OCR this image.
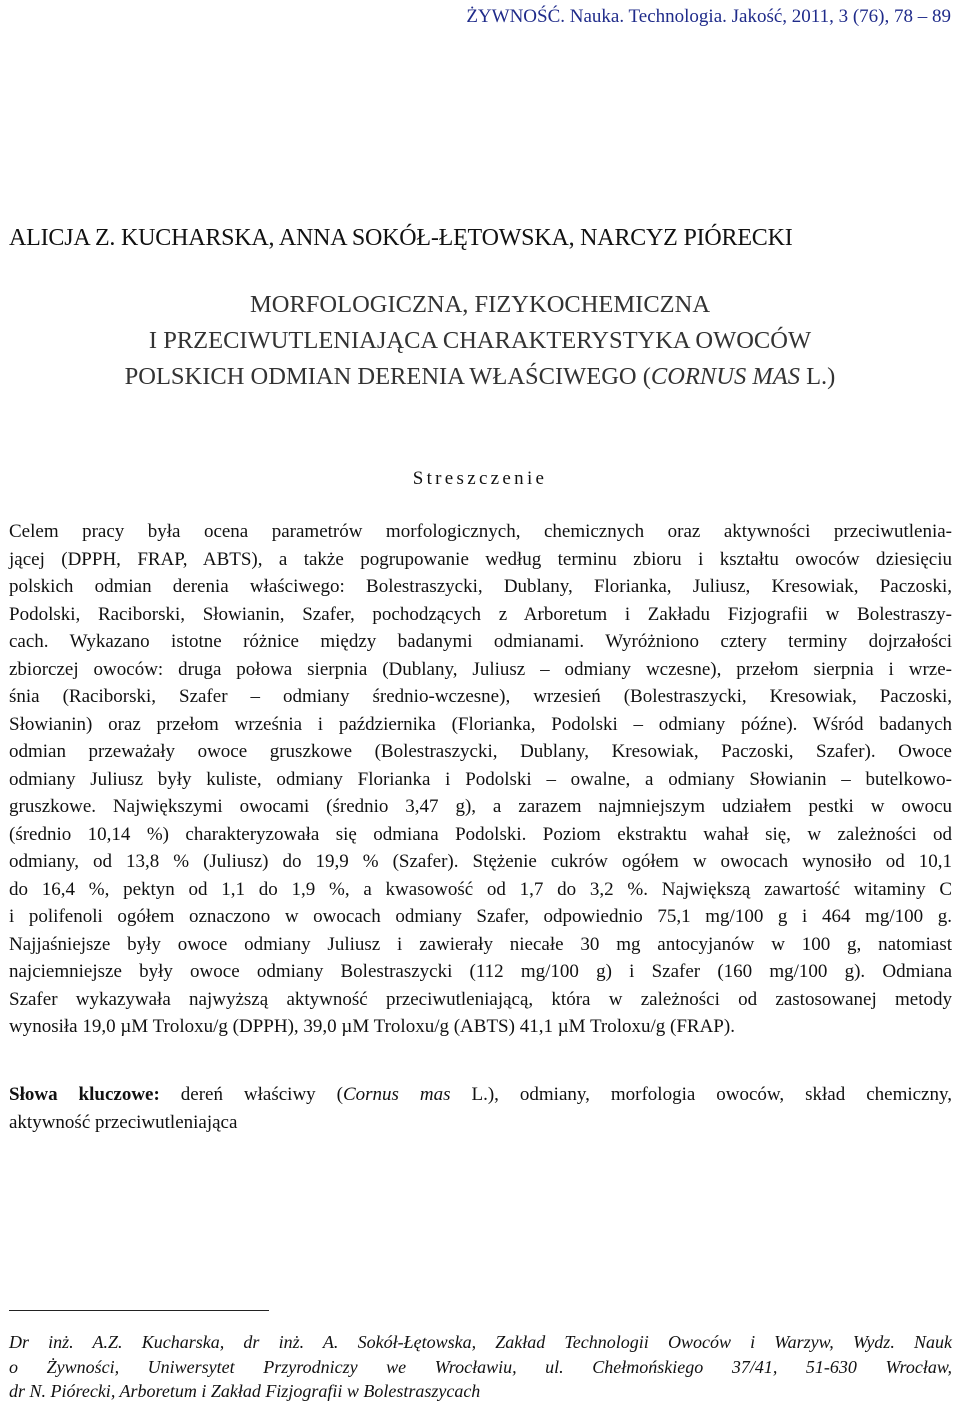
ŻYWNOŚĆ. Nauka. Technologia. Jakość, 2011, 3 (76), 78 – 89
ALICJA Z. KUCHARSKA, ANNA SOKÓŁ-ŁĘTOWSKA, NARCYZ PIÓRECKI
MORFOLOGICZNA, FIZYKOCHEMICZNA
I PRZECIWUTLENIAJĄCA CHARAKTERYSTYKA OWOCÓW
POLSKICH ODMIAN DERENIA WŁAŚCIWEGO (CORNUS MAS L.)
Streszczenie
Celem pracy była ocena parametrów morfologicznych, chemicznych oraz aktywności przeciwutlenia-
jącej (DPPH, FRAP, ABTS), a także pogrupowanie według terminu zbioru i kształtu owoców dziesięciu
polskich odmian derenia właściwego: Bolestraszycki, Dublany, Florianka, Juliusz, Kresowiak, Paczoski,
Podolski, Raciborski, Słowianin, Szafer, pochodzących z Arboretum i Zakładu Fizjografii w Bolestraszy-
cach. Wykazano istotne różnice między badanymi odmianami. Wyróżniono cztery terminy dojrzałości
zbiorczej owoców: druga połowa sierpnia (Dublany, Juliusz – odmiany wczesne), przełom sierpnia i wrze-
śnia (Raciborski, Szafer – odmiany średnio-wczesne), wrzesień (Bolestraszycki, Kresowiak, Paczoski,
Słowianin) oraz przełom września i października (Florianka, Podolski – odmiany późne). Wśród badanych
odmian przeważały owoce gruszkowe (Bolestraszycki, Dublany, Kresowiak, Paczoski, Szafer). Owoce
odmiany Juliusz były kuliste, odmiany Florianka i Podolski – owalne, a odmiany Słowianin – butelkowo-
gruszkowe. Największymi owocami (średnio 3,47 g), a zarazem najmniejszym udziałem pestki w owocu
(średnio 10,14 %) charakteryzowała się odmiana Podolski. Poziom ekstraktu wahał się, w zależności od
odmiany, od 13,8 % (Juliusz) do 19,9 % (Szafer). Stężenie cukrów ogółem w owocach wynosiło od 10,1
do 16,4 %, pektyn od 1,1 do 1,9 %, a kwasowość od 1,7 do 3,2 %. Największą zawartość witaminy C
i polifenoli ogółem oznaczono w owocach odmiany Szafer, odpowiednio 75,1 mg/100 g i 464 mg/100 g.
Najjaśniejsze były owoce odmiany Juliusz i zawierały niecałe 30 mg antocyjanów w 100 g, natomiast
najciemniejsze były owoce odmiany Bolestraszycki (112 mg/100 g) i Szafer (160 mg/100 g). Odmiana
Szafer wykazywała najwyższą aktywność przeciwutleniającą, która w zależności od zastosowanej metody
wynosiła 19,0 µM Troloxu/g (DPPH), 39,0 µM Troloxu/g (ABTS) 41,1 µM Troloxu/g (FRAP).
Słowa kluczowe: dereń właściwy (Cornus mas L.), odmiany, morfologia owoców, skład chemiczny,
aktywność przeciwutleniająca
Dr inż. A.Z. Kucharska, dr inż. A. Sokół-Łętowska, Zakład Technologii Owoców i Warzyw, Wydz. Nauk
o Żywności, Uniwersytet Przyrodniczy we Wrocławiu, ul. Chełmońskiego 37/41, 51-630 Wrocław,
dr N. Piórecki, Arboretum i Zakład Fizjografii w Bolestraszycach
